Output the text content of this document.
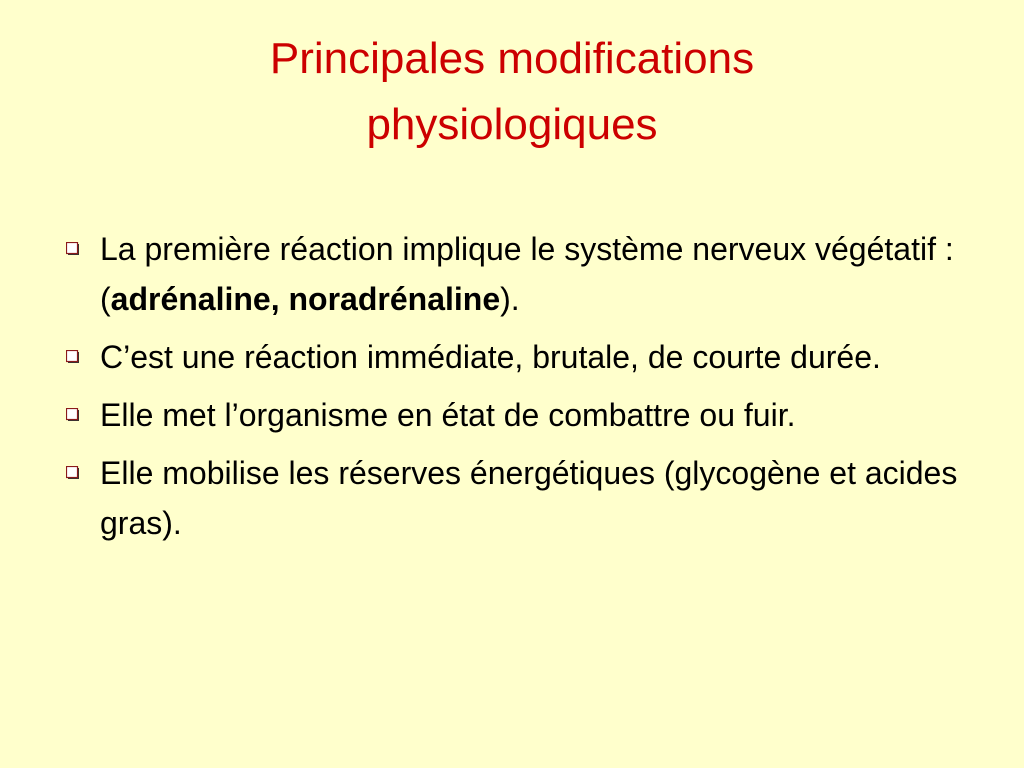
Principales modifications
physiologiques
La première réaction implique le système nerveux végétatif : (adrénaline, noradrénaline).
C’est une réaction immédiate, brutale, de courte durée.
Elle met l’organisme en état de combattre ou fuir.
Elle mobilise les réserves énergétiques (glycogène et acides gras).
